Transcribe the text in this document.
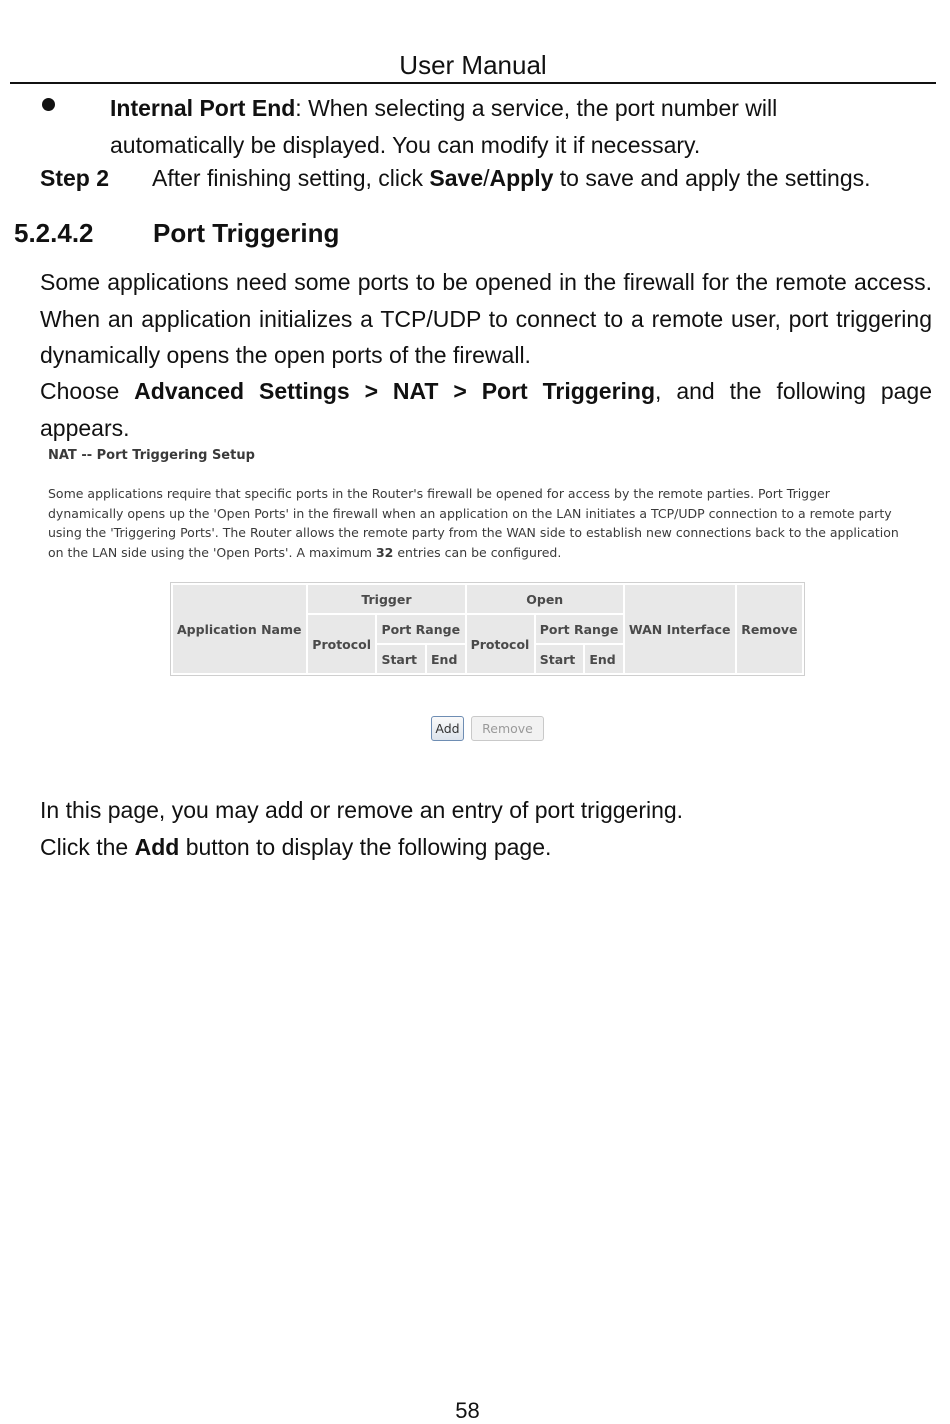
User Manual
Internal Port End: When selecting a service, the port number will automatically be displayed. You can modify it if necessary.
Step 2 After finishing setting, click Save/Apply to save and apply the settings.
5.2.4.2 Port Triggering
Some applications need some ports to be opened in the firewall for the remote access. When an application initializes a TCP/UDP to connect to a remote user, port triggering dynamically opens the open ports of the firewall.
Choose Advanced Settings > NAT > Port Triggering, and the following page appears.
NAT -- Port Triggering Setup
Some applications require that specific ports in the Router's firewall be opened for access by the remote parties. Port Trigger dynamically opens up the 'Open Ports' in the firewall when an application on the LAN initiates a TCP/UDP connection to a remote party using the 'Triggering Ports'. The Router allows the remote party from the WAN side to establish new connections back to the application on the LAN side using the 'Open Ports'. A maximum 32 entries can be configured.
Application Name	Trigger			Open			WAN Interface	Remove
	Protocol	Port Range		Protocol	Port Range			
		Start	End		Start	End		
Add	Remove
In this page, you may add or remove an entry of port triggering.
Click the Add button to display the following page.
58
